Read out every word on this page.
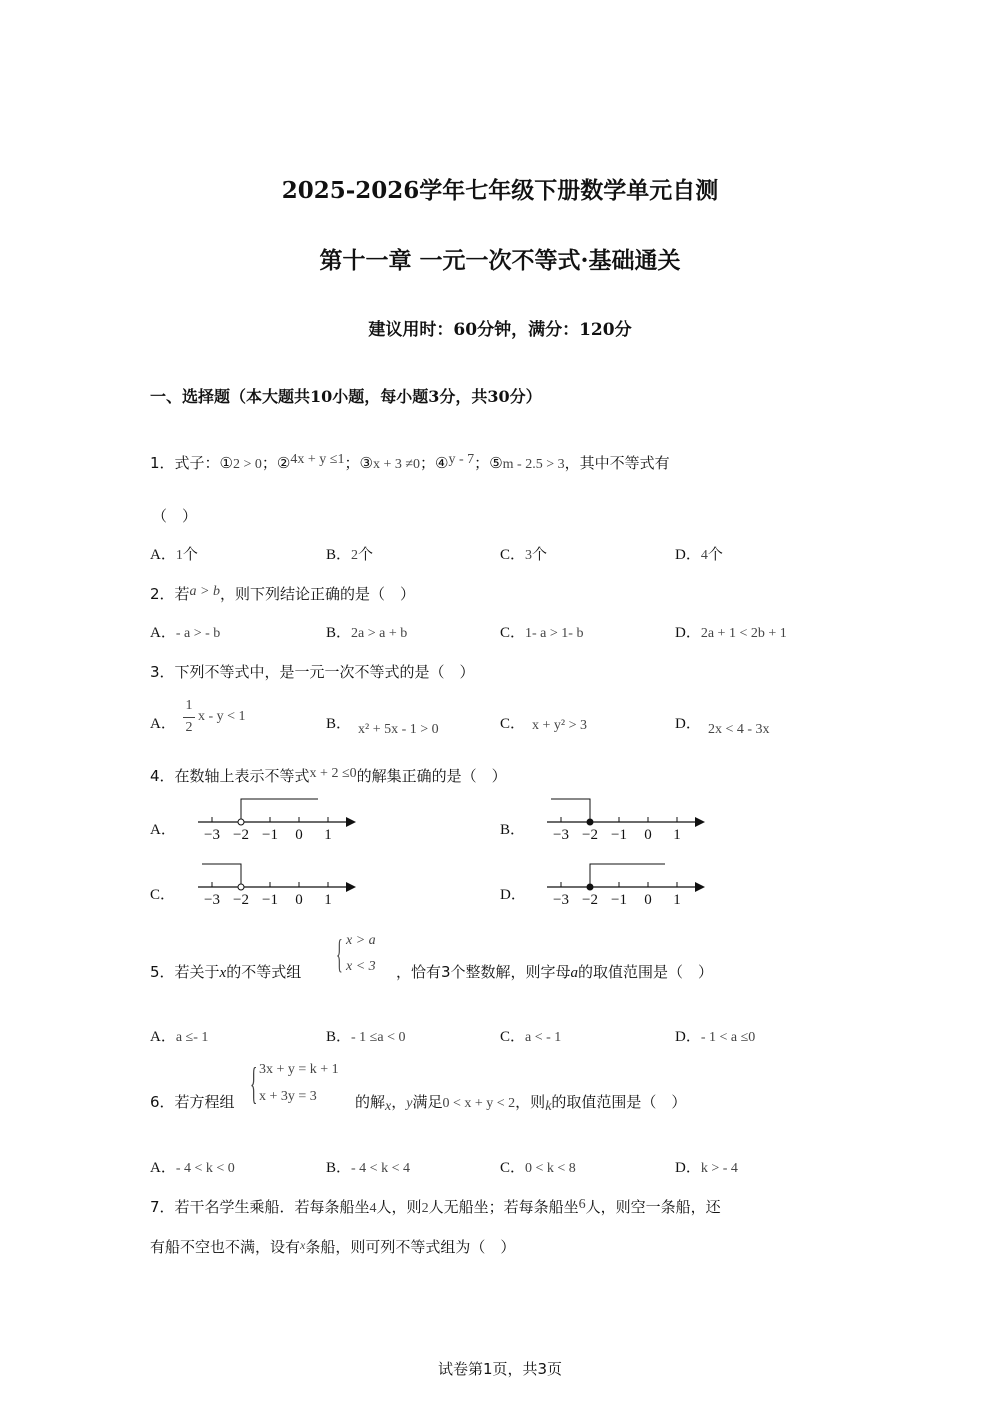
2025-2026学年七年级下册数学单元自测
第十一章 一元一次不等式·基础通关
建议用时：60分钟，满分：120分
一、选择题（本大题共10小题，每小题3分，共30分）
1．式子：①2 > 0；②4x + y ≤1；③x + 3 ≠0；④y - 7；⑤m - 2.5 > 3，其中不等式有
（　）
A．1个	B．2个	C．3个	D．4个
2．若a > b，则下列结论正确的是（　）
A．- a > - b	B．2a > a + b	C．1- a > 1- b	D．2a + 1 < 2b + 1
3．下列不等式中，是一元一次不等式的是（　）
A．
1
2
x - y < 1	B． x² + 5x - 1 > 0	C． x + y² > 3	D． 2x < 4 - 3x
4．在数轴上表示不等式x + 2 ≤0的解集正确的是（　）
A． −3 −2 −1 0 1	B． −3 −2 −1 0 1
C． −3 −2 −1 0 1	D． −3 −2 −1 0 1
5．若关于x的不等式组 { x > a
x < 3 ，恰有3个整数解，则字母a的取值范围是（　）
A．a ≤- 1	B．- 1 ≤a < 0	C．a < - 1	D．- 1 < a ≤0
6．若方程组 { 3x + y = k + 1
x + 3y = 3	的解x，y满足0 < x + y < 2，则k的取值范围是（　）
A．- 4 < k < 0	B．- 4 < k < 4	C．0 < k < 8	D．k > - 4
7．若干名学生乘船．若每条船坐4人，则2人无船坐；若每条船坐6人，则空一条船，还
有船不空也不满，设有$^x$条船，则可列不等式组为（　）
试卷第1页，共3页
